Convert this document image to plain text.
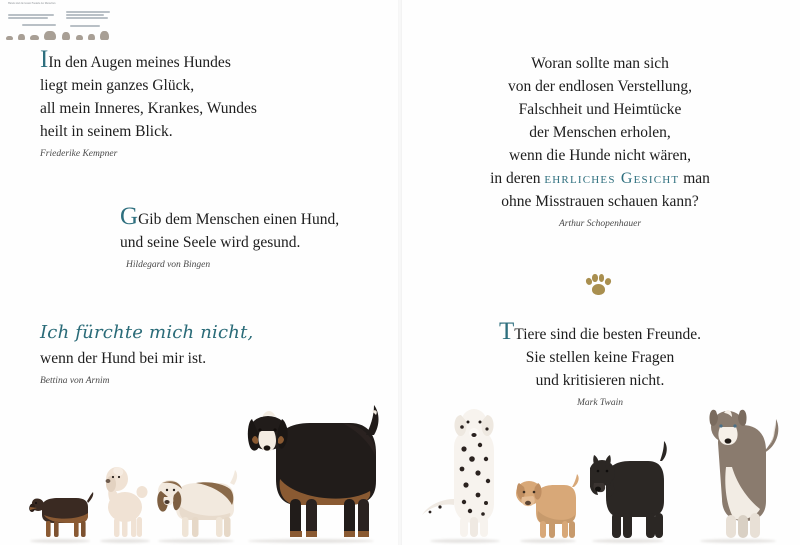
Hunde sind die besten Freunde der Menschen
IIn den Augen meines Hundes
liegt mein ganzes Glück,
all mein Inneres, Krankes, Wundes
heilt in seinem Blick.
Friederike Kempner
GGib dem Menschen einen Hund,
und seine Seele wird gesund.
Hildegard von Bingen
Ich fürchte mich nicht,
wenn der Hund bei mir ist.
Bettina von Arnim
Woran sollte man sich
von der endlosen Verstellung,
Falschheit und Heimtücke
der Menschen erholen,
wenn die Hunde nicht wären,
in deren ehrliches Gesicht man
ohne Misstrauen schauen kann?
Arthur Schopenhauer
TTiere sind die besten Freunde.
Sie stellen keine Fragen
und kritisieren nicht.
Mark Twain
